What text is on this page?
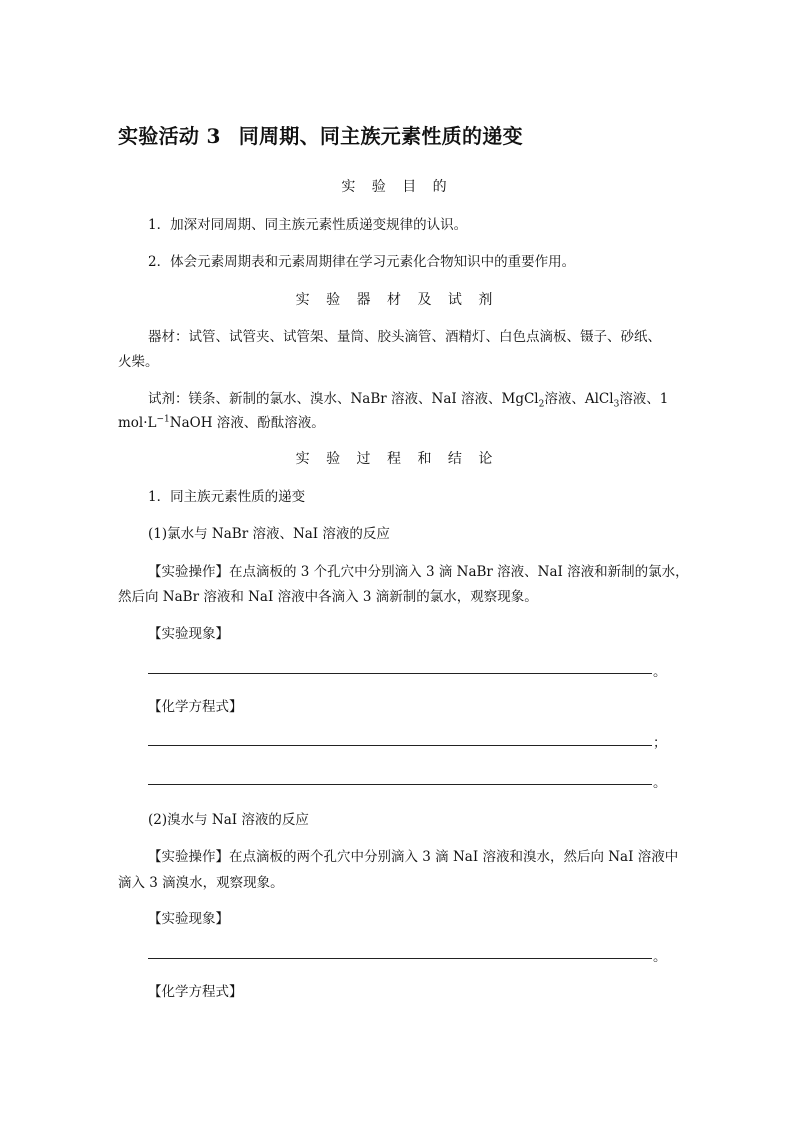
实验活动 3 同周期、同主族元素性质的递变
实 验 目 的
1．加深对同周期、同主族元素性质递变规律的认识。
2．体会元素周期表和元素周期律在学习元素化合物知识中的重要作用。
实 验 器 材 及 试 剂
器材：试管、试管夹、试管架、量筒、胶头滴管、酒精灯、白色点滴板、镊子、砂纸、
火柴。
试剂：镁条、新制的氯水、溴水、NaBr 溶液、NaI 溶液、MgCl$_2$溶液、AlCl$_3$溶液、1
$mol\cdot L^{-1}NaOH$ 溶液、酚酞溶液。
实 验 过 程 和 结 论
1．同主族元素性质的递变
(1)氯水与 NaBr 溶液、NaI 溶液的反应
【实验操作】在点滴板的 3 个孔穴中分别滴入 3 滴 NaBr 溶液、NaI 溶液和新制的氯水，
然后向 NaBr 溶液和 NaI 溶液中各滴入 3 滴新制的氯水，观察现象。
【实验现象】
。
【化学方程式】
；
。
(2)溴水与 NaI 溶液的反应
【实验操作】在点滴板的两个孔穴中分别滴入 3 滴 NaI 溶液和溴水，然后向 NaI 溶液中
滴入 3 滴溴水，观察现象。
【实验现象】
。
【化学方程式】
